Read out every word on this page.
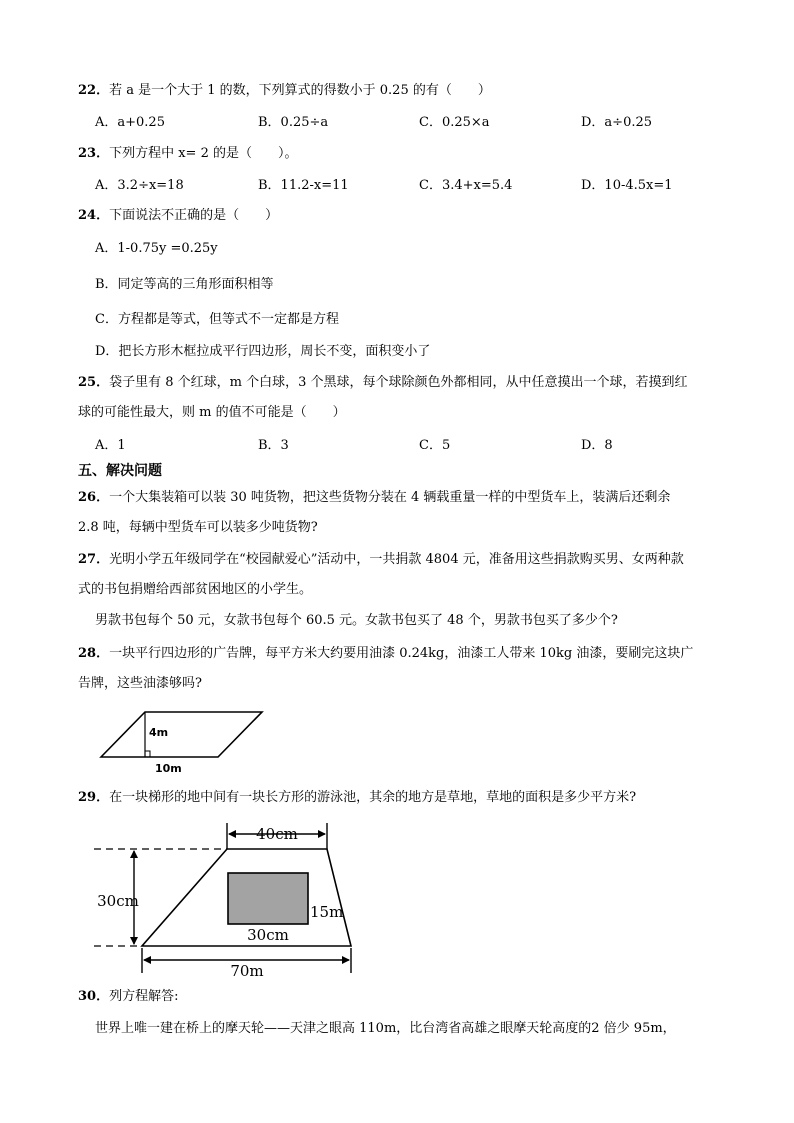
22．若 a 是一个大于 1 的数，下列算式的得数小于 0.25 的有（　　）
A．a+0.25	B．0.25÷a	C．0.25×a	D．a÷0.25
23．下列方程中 x= 2 的是（　　）。
A．3.2÷x=18	B．11.2-x=11	C．3.4+x=5.4	D．10-4.5x=1
24．下面说法不正确的是（　　）
A．1-0.75y =0.25y
B．同定等高的三角形面积相等
C．方程都是等式，但等式不一定都是方程
D．把长方形木框拉成平行四边形，周长不变，面积变小了
25．袋子里有 8 个红球，m 个白球，3 个黑球，每个球除颜色外都相同，从中任意摸出一个球，若摸到红
球的可能性最大，则 m 的值不可能是（　　）
A．1	B．3	C．5	D．8
五、解决问题
26．一个大集装箱可以装 30 吨货物，把这些货物分装在 4 辆载重量一样的中型货车上，装满后还剩余
2.8 吨，每辆中型货车可以装多少吨货物?
27．光明小学五年级同学在“校园献爱心”活动中，一共捐款 4804 元，准备用这些捐款购买男、女两种款
式的书包捐赠给西部贫困地区的小学生。
男款书包每个 50 元，女款书包每个 60.5 元。女款书包买了 48 个，男款书包买了多少个?
28．一块平行四边形的广告牌，每平方米大约要用油漆 0.24kg，油漆工人带来 10kg 油漆，要刷完这块广
告牌，这些油漆够吗?
4m
10m
29．在一块梯形的地中间有一块长方形的游泳池，其余的地方是草地，草地的面积是多少平方米?
40cm
30cm
30cm
15m
70m
30．列方程解答:
世界上唯一建在桥上的摩天轮——天津之眼高 110m，比台湾省高雄之眼摩天轮高度的2 倍少 95m，
